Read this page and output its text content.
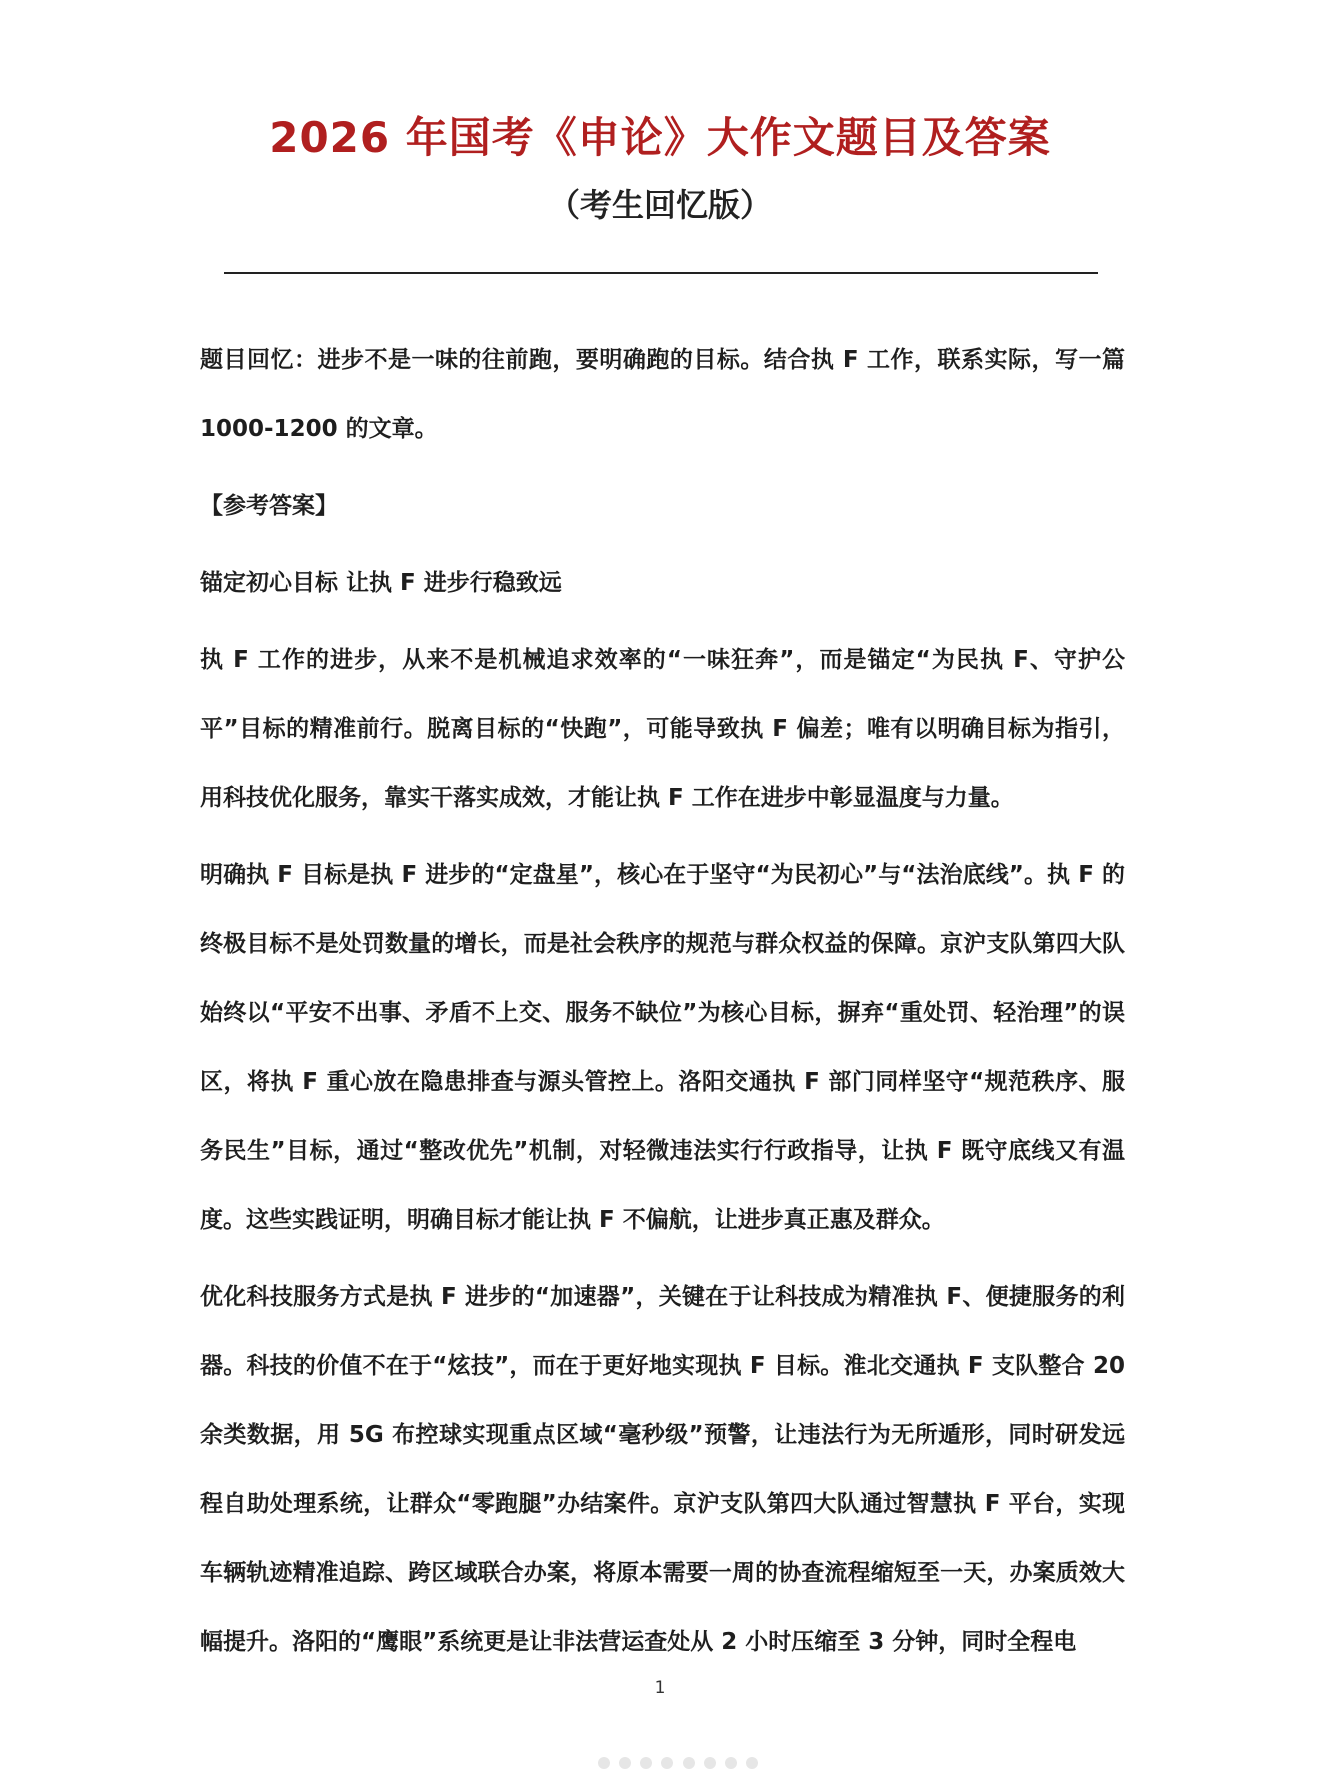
2026 年国考《申论》大作文题目及答案
（考生回忆版）

题目回忆：进步不是一味的往前跑，要明确跑的目标。结合执 F 工作，联系实际，写一篇 1000-1200 的文章。

【参考答案】

锚定初心目标 让执 F 进步行稳致远

执 F 工作的进步，从来不是机械追求效率的“一味狂奔”，而是锚定“为民执 F、守护公平”目标的精准前行。脱离目标的“快跑”，可能导致执 F 偏差；唯有以明确目标为指引，用科技优化服务，靠实干落实成效，才能让执 F 工作在进步中彰显温度与力量。

明确执 F 目标是执 F 进步的“定盘星”，核心在于坚守“为民初心”与“法治底线”。执 F 的终极目标不是处罚数量的增长，而是社会秩序的规范与群众权益的保障。京沪支队第四大队始终以“平安不出事、矛盾不上交、服务不缺位”为核心目标，摒弃“重处罚、轻治理”的误区，将执 F 重心放在隐患排查与源头管控上。洛阳交通执 F 部门同样坚守“规范秩序、服务民生”目标，通过“整改优先”机制，对轻微违法实行行政指导，让执 F 既守底线又有温度。这些实践证明，明确目标才能让执 F 不偏航，让进步真正惠及群众。

优化科技服务方式是执 F 进步的“加速器”，关键在于让科技成为精准执 F、便捷服务的利器。科技的价值不在于“炫技”，而在于更好地实现执 F 目标。淮北交通执 F 支队整合 20 余类数据，用 5G 布控球实现重点区域“毫秒级”预警，让违法行为无所遁形，同时研发远程自助处理系统，让群众“零跑腿”办结案件。京沪支队第四大队通过智慧执 F 平台，实现车辆轨迹精准追踪、跨区域联合办案，将原本需要一周的协查流程缩短至一天，办案质效大幅提升。洛阳的“鹰眼”系统更是让非法营运查处从 2 小时压缩至 3 分钟，同时全程电

1
